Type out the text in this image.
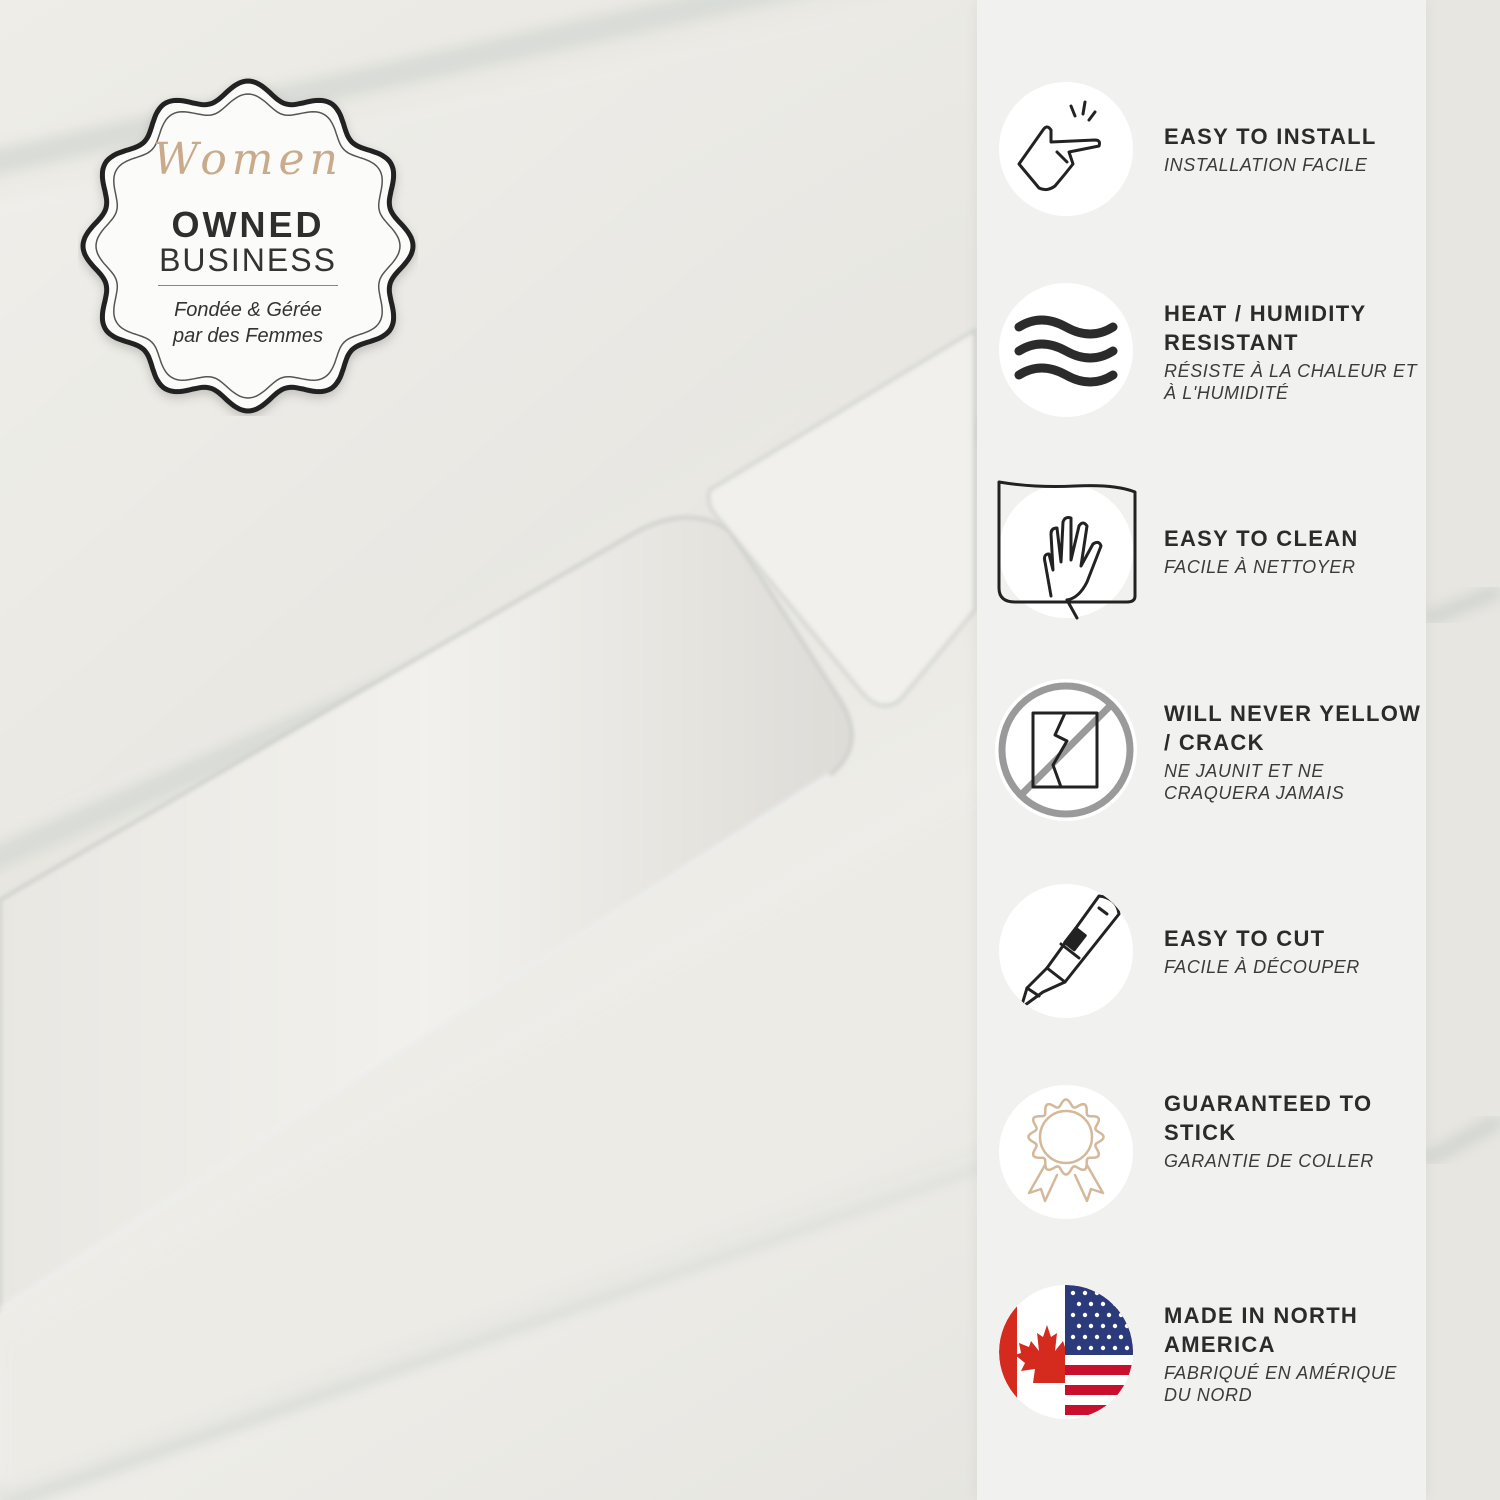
Women
OWNED
BUSINESS
Fondée & Gérée
par des Femmes
EASY TO INSTALL
INSTALLATION FACILE
HEAT / HUMIDITY RESISTANT
RÉSISTE À LA CHALEUR ET À L'HUMIDITÉ
EASY TO CLEAN
FACILE À NETTOYER
WILL NEVER YELLOW / CRACK
NE JAUNIT ET NE CRAQUERA JAMAIS
EASY TO CUT
FACILE À DÉCOUPER
GUARANTEED TO STICK
GARANTIE DE COLLER
MADE IN NORTH AMERICA
FABRIQUÉ EN AMÉRIQUE DU NORD
